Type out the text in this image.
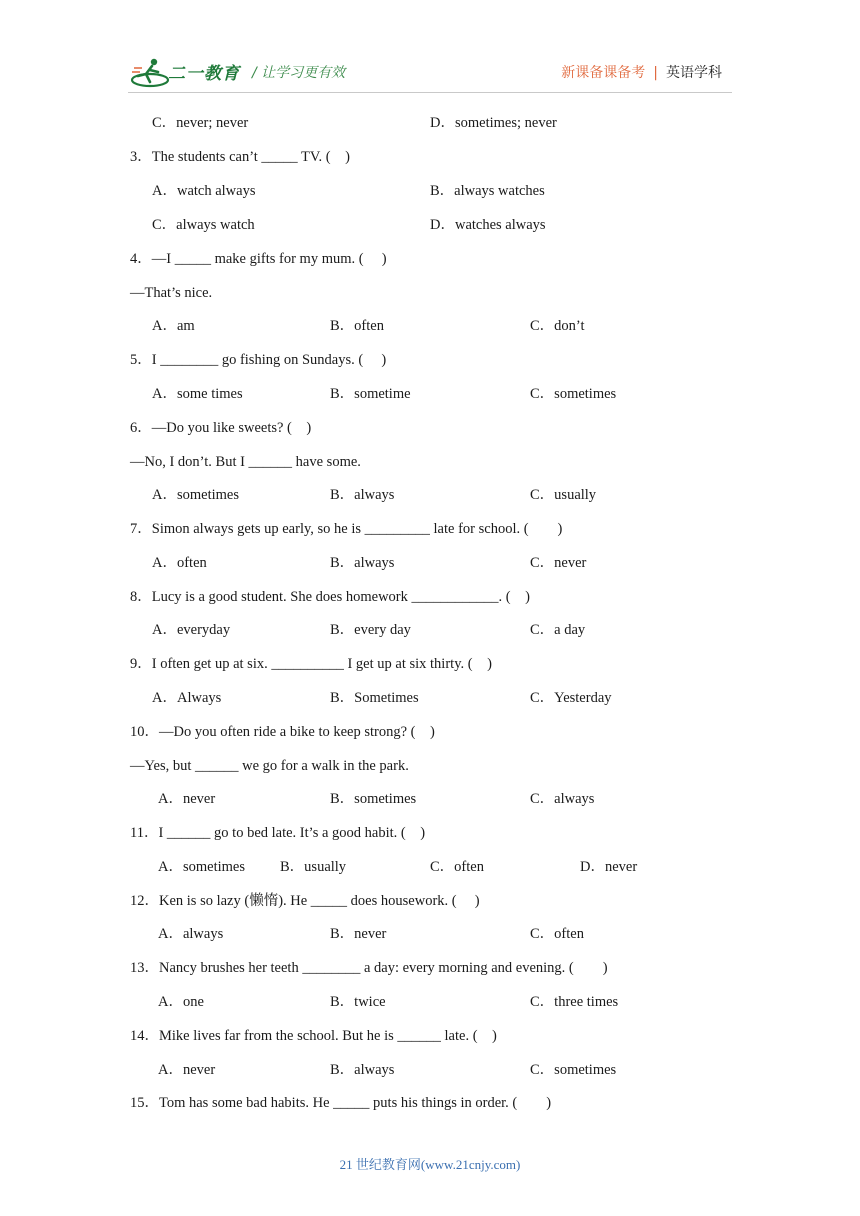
二一教育 / 让学习更有效	新课备课备考 | 英语学科
C．never; never	D．sometimes; never
3．The students can’t _____ TV. (    )
A．watch always	B．always watches
C．always watch	D．watches always
4．—I _____ make gifts for my mum. (     )
—That’s nice.
A．am	B．often	C．don’t
5．I ________ go fishing on Sundays. (     )
A．some times	B．sometime	C．sometimes
6．—Do you like sweets? (    )
—No, I don’t. But I ______ have some.
A．sometimes	B．always	C．usually
7．Simon always gets up early, so he is _________ late for school. (        )
A．often	B．always	C．never
8．Lucy is a good student. She does homework ____________. (    )
A．everyday	B．every day	C．a day
9．I often get up at six. __________ I get up at six thirty. (    )
A．Always	B．Sometimes	C．Yesterday
10．—Do you often ride a bike to keep strong? (    )
—Yes, but ______ we go for a walk in the park.
A．never	B．sometimes	C．always
11．I ______ go to bed late. It’s a good habit. (    )
A．sometimes B．usually	C．often	D．never
12．Ken is so lazy (懒惰). He _____ does housework. (     )
A．always	B．never	C．often
13．Nancy brushes her teeth ________ a day: every morning and evening. (        )
A．one	B．twice	C．three times
14．Mike lives far from the school. But he is ______ late. (    )
A．never	B．always	C．sometimes
15．Tom has some bad habits. He _____ puts his things in order. (        )
21 世纪教育网(www.21cnjy.com)
